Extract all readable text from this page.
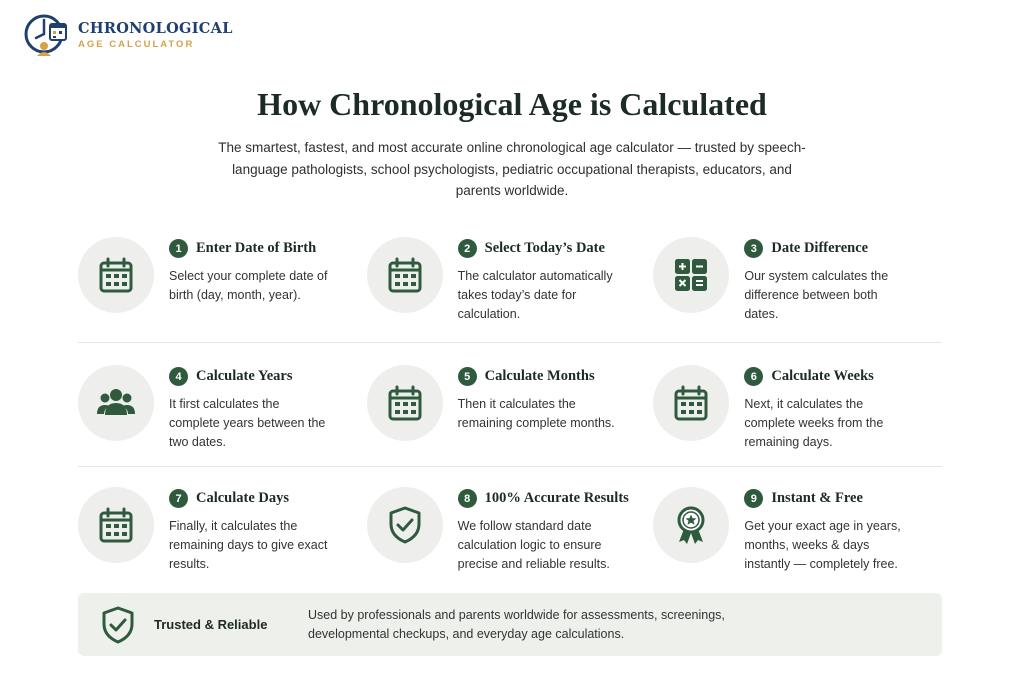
CHRONOLOGICAL
AGE CALCULATOR
How Chronological Age is Calculated

The smartest, fastest, and most accurate online chronological age calculator — trusted by speech-language pathologists, school psychologists, pediatric occupational therapists, educators, and parents worldwide.

1 Enter Date of Birth

Select your complete date of birth (day, month, year).

2 Select Today’s Date

The calculator automatically takes today’s date for calculation.

3 Date Difference

Our system calculates the difference between both dates.

4 Calculate Years

It first calculates the complete years between the two dates.

5 Calculate Months

Then it calculates the remaining complete months.

6 Calculate Weeks

Next, it calculates the complete weeks from the remaining days.

7 Calculate Days

Finally, it calculates the remaining days to give exact results.

8 100% Accurate Results

We follow standard date calculation logic to ensure precise and reliable results.

9 Instant & Free

Get your exact age in years, months, weeks & days instantly — completely free.

Trusted & Reliable

Used by professionals and parents worldwide for assessments, screenings, developmental checkups, and everyday age calculations.
